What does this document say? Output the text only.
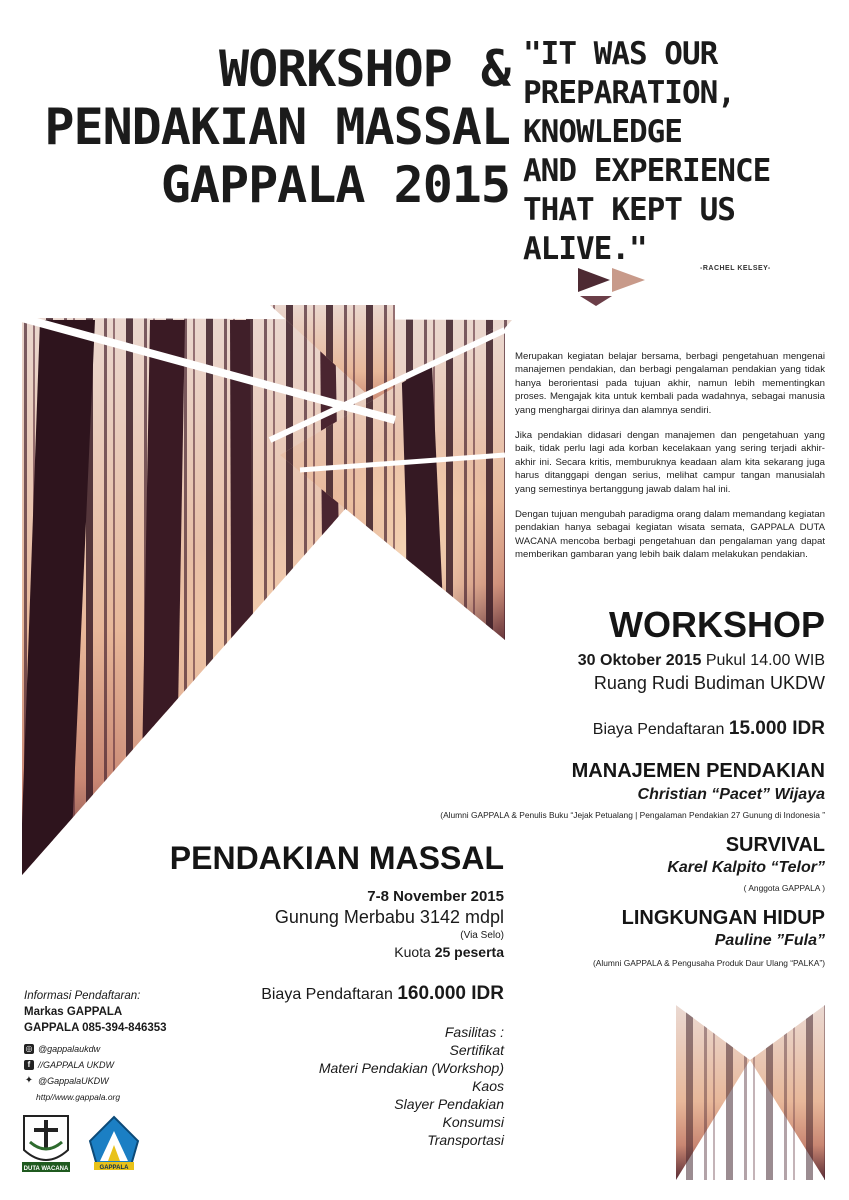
WORKSHOP &
PENDAKIAN MASSAL
GAPPALA 2015
"IT WAS OUR
PREPARATION,
KNOWLEDGE
AND EXPERIENCE
THAT KEPT US ALIVE."
-RACHEL KELSEY-

Merupakan kegiatan belajar bersama, berbagi pengetahuan mengenai manajemen pendakian, dan berbagi pengalaman pendakian yang tidak hanya berorientasi pada tujuan akhir, namun lebih mementingkan proses. Mengajak kita untuk kembali pada wadahnya, sebagai manusia yang menghargai dirinya dan alamnya sendiri.

Jika pendakian didasari dengan manajemen dan pengetahuan yang baik, tidak perlu lagi ada korban kecelakaan yang sering terjadi akhir-akhir ini. Secara kritis, memburuknya keadaan alam kita sekarang juga harus ditanggapi dengan serius, melihat campur tangan manusialah yang semestinya bertanggung jawab dalam hal ini.

Dengan tujuan mengubah paradigma orang dalam memandang kegiatan pendakian hanya sebagai kegiatan wisata semata, GAPPALA DUTA WACANA mencoba berbagi pengetahuan dan pengalaman yang dapat memberikan gambaran yang lebih baik dalam melakukan pendakian.

WORKSHOP
30 Oktober 2015 Pukul 14.00 WIB
Ruang Rudi Budiman UKDW
Biaya Pendaftaran 15.000 IDR
MANAJEMEN PENDAKIAN
Christian “Pacet” Wijaya
(Alumni GAPPALA & Penulis Buku “Jejak Petualang | Pengalaman Pendakian 27 Gunung di Indonesia ”
SURVIVAL
Karel Kalpito “Telor”
( Anggota GAPPALA )
LINGKUNGAN HIDUP
Pauline ”Fula”
(Alumni GAPPALA & Pengusaha Produk Daur Ulang “PALKA”)
PENDAKIAN MASSAL
7-8 November 2015
Gunung Merbabu 3142 mdpl
(Via Selo)
Kuota 25 peserta
Biaya Pendaftaran 160.000 IDR
Fasilitas :
Sertifikat
Materi Pendakian (Workshop)
Kaos
Slayer Pendakian
Konsumsi
Transportasi
Informasi Pendaftaran:
Markas GAPPALA
GAPPALA 085-394-846353
◎ @gappalaukdw
f //GAPPALA UKDW
✦ @GappalaUKDW
http//www.gappala.org
DUTA WACANA	GAPPALA
